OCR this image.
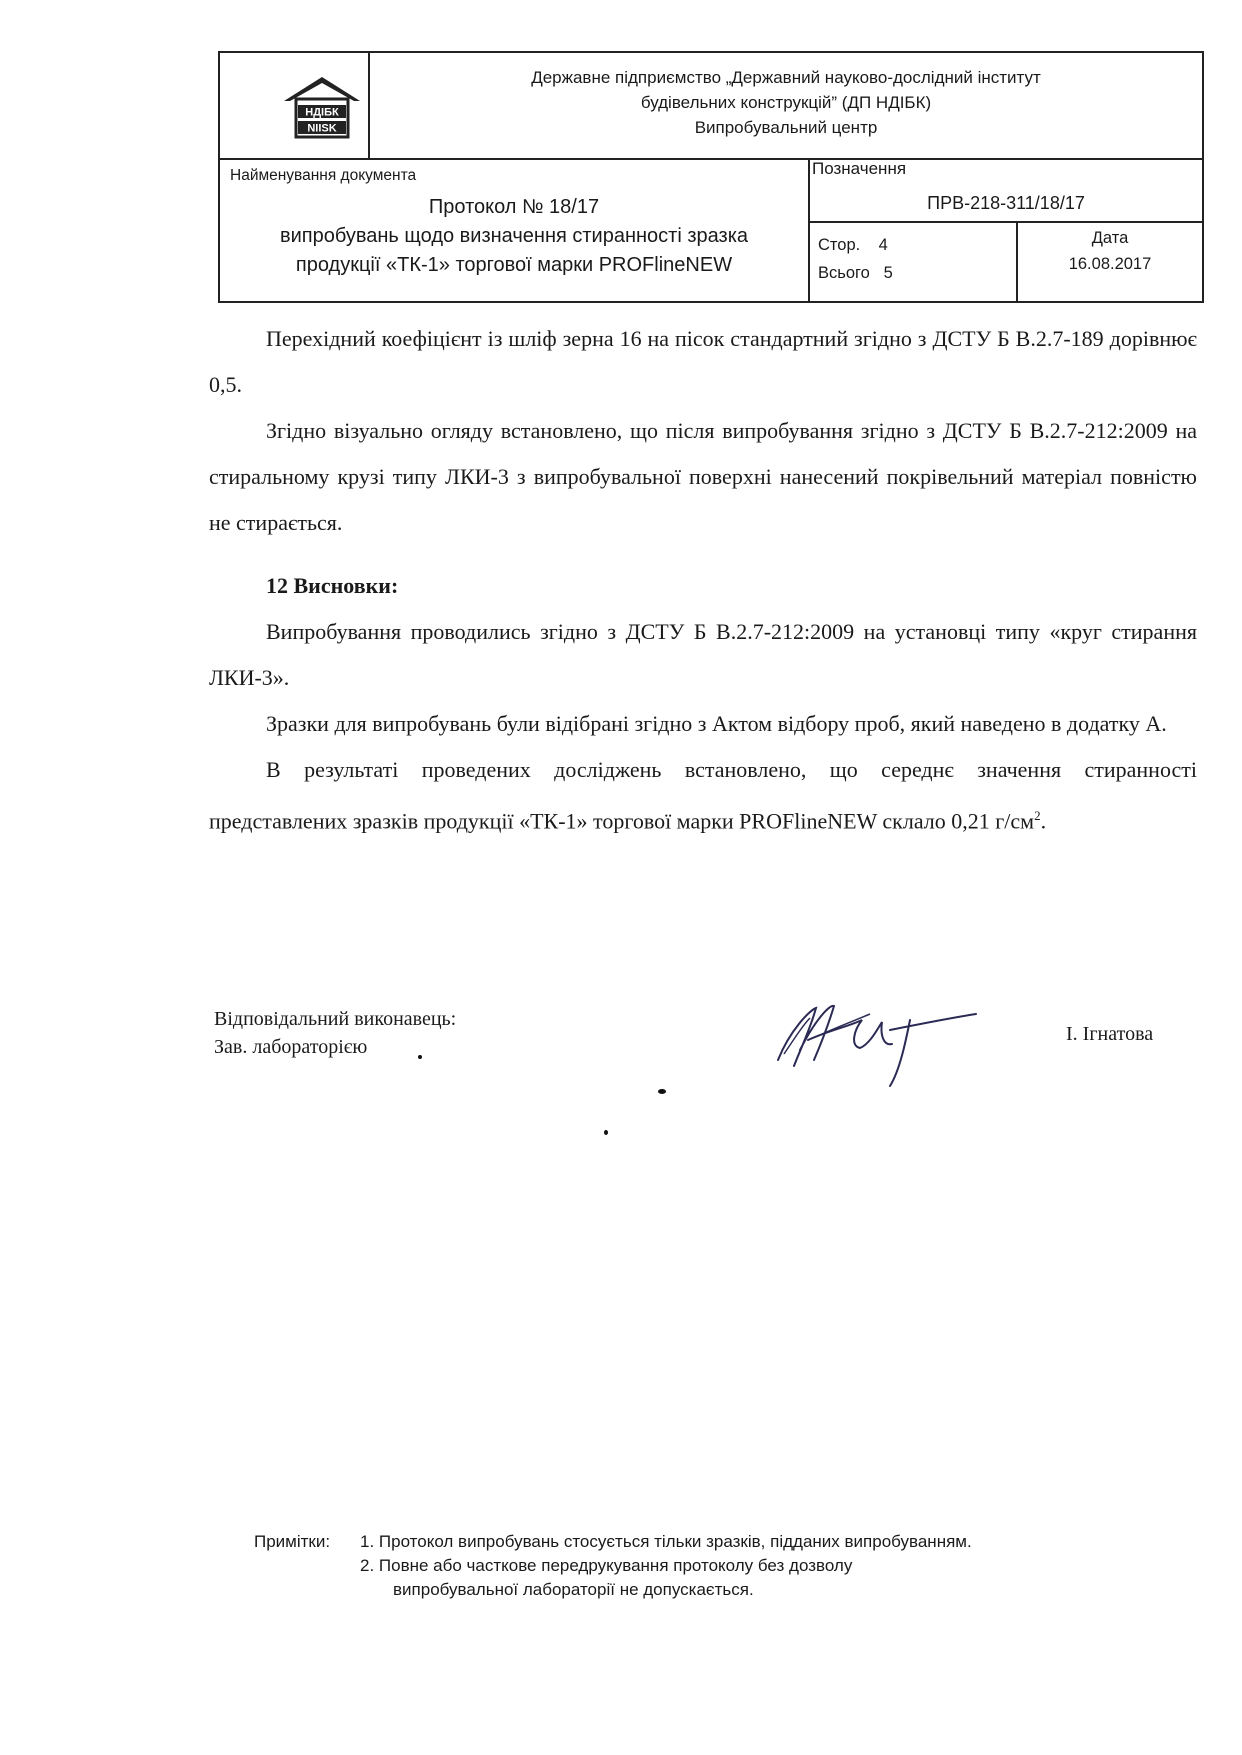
НДІБК
NIISK
Державне підприємство „Державний науково-дослідний інститут
будівельних конструкцій” (ДП НДІБК)
Випробувальний центр
Найменування документа
Протокол № 18/17
випробувань щодо визначення стиранності зразка
продукції «ТК-1» торгової марки PROFlineNEW
Позначення
ПРВ-218-311/18/17
Стор. 4
Всього 5
Дата
16.08.2017

Перехідний коефіцієнт із шліф зерна 16 на пісок стандартний згідно з ДСТУ Б В.2.7-189 дорівнює 0,5.

Згідно візуально огляду встановлено, що після випробування згідно з ДСТУ Б В.2.7-212:2009 на стиральному крузі типу ЛКИ-3 з випробувальної поверхні нанесений покрівельний матеріал повністю не стирається.

12 Висновки:

Випробування проводились згідно з ДСТУ Б В.2.7-212:2009 на установці типу «круг стирання ЛКИ-3».

Зразки для випробувань були відібрані згідно з Актом відбору проб, який наведено в додатку А.

В результаті проведених досліджень встановлено, що середнє значення стиранності представлених зразків продукції «ТК-1» торгової марки PROFlineNEW склало 0,21 $г/см^2$.

Відповідальний виконавець:
Зав. лабораторією
І. Ігнатова
Примітки: 1. Протокол випробувань стосується тільки зразків, підданих випробуванням.
2. Повне або часткове передрукування протоколу без дозволу
випробувальної лабораторії не допускається.
